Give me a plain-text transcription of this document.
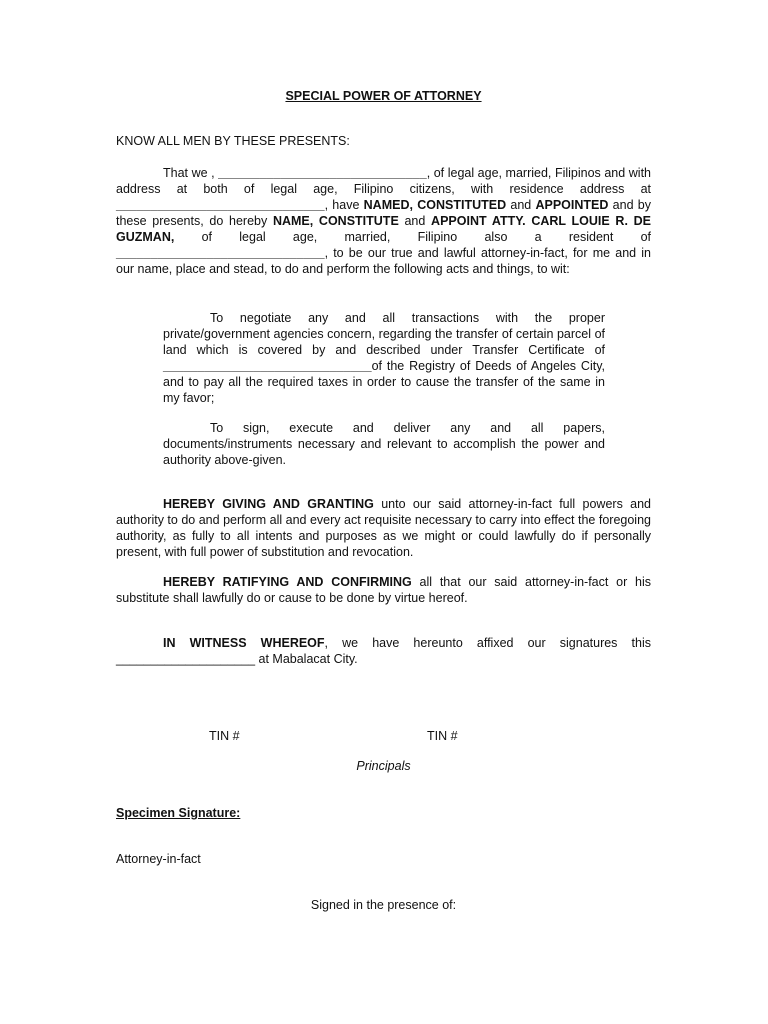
SPECIAL POWER OF ATTORNEY

KNOW ALL MEN BY THESE PRESENTS:

That we , ______________________________, of legal age, married, Filipinos and with address at both of legal age, Filipino citizens, with residence address at ______________________________, have NAMED, CONSTITUTED and APPOINTED and by these presents, do hereby NAME, CONSTITUTE and APPOINT ATTY. CARL LOUIE R. DE GUZMAN, of legal age, married, Filipino also a resident of ______________________________, to be our true and lawful attorney-in-fact, for me and in our name, place and stead, to do and perform the following acts and things, to wit:

To negotiate any and all transactions with the proper private/government agencies concern, regarding the transfer of certain parcel of land which is covered by and described under Transfer Certificate of ______________________________of the Registry of Deeds of Angeles City, and to pay all the required taxes in order to cause the transfer of the same in my favor;

To sign, execute and deliver any and all papers, documents/instruments necessary and relevant to accomplish the power and authority above-given.

HEREBY GIVING AND GRANTING unto our said attorney-in-fact full powers and authority to do and perform all and every act requisite necessary to carry into effect the foregoing authority, as fully to all intents and purposes as we might or could lawfully do if personally present, with full power of substitution and revocation.

HEREBY RATIFYING AND CONFIRMING all that our said attorney-in-fact or his substitute shall lawfully do or cause to be done by virtue hereof.

IN WITNESS WHEREOF, we have hereunto affixed our signatures this ____________________ at Mabalacat City.

TIN #	TIN #

Principals

Specimen Signature:

Attorney-in-fact

Signed in the presence of:
